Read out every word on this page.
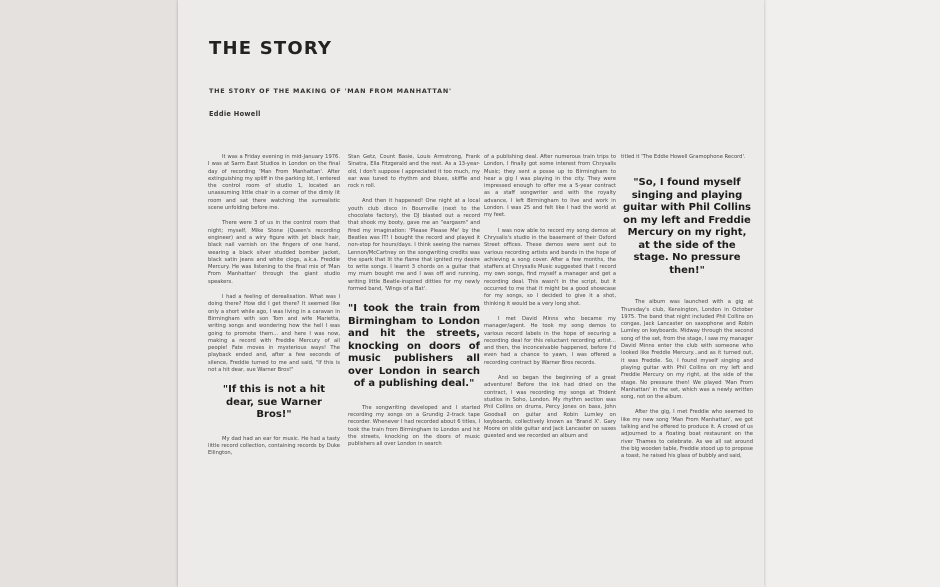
THE STORY
THE STORY OF THE MAKING OF 'MAN FROM MANHATTAN'
Eddie Howell

It was a Friday evening in mid-January 1976. I was at Sarm East Studios in London on the final day of recording 'Man From Manhattan'. After extinguishing my spliff in the parking lot, I entered the control room of studio 1, located an unassuming little chair in a corner of the dimly lit room and sat there watching the surrealistic scene unfolding before me.

There were 3 of us in the control room that night; myself, Mike Stone (Queen's recording engineer) and a wiry figure with jet black hair, black nail varnish on the fingers of one hand, wearing a black silver studded bomber jacket, black satin jeans and white clogs, a.k.a. Freddie Mercury. He was listening to the final mix of 'Man From Manhattan' through the giant studio speakers.

I had a feeling of derealisation. What was I doing there? How did I get there? It seemed like only a short while ago, I was living in a caravan in Birmingham with son Tom and wife Marietta, writing songs and wondering how the hell I was going to promote them... and here I was now, making a record with Freddie Mercury of all people! Fate moves in mysterious ways! The playback ended and, after a few seconds of silence, Freddie turned to me and said, "If this is not a hit dear, sue Warner Bros!"

"If this is not a hit dear, sue Warner Bros!"

My dad had an ear for music. He had a tasty little record collection, containing records by Duke Ellington,

Stan Getz, Count Basie, Louis Armstrong, Frank Sinatra, Ella Fitzgerald and the rest. As a 13-year-old, I don't suppose I appreciated it too much, my ear was tuned to rhythm and blues, skiffle and rock n roll.

And then it happened! One night at a local youth club disco in Bournville (next to the chocolate factory), the DJ blasted out a record that shook my booty, gave me an "eargasm" and fired my imagination: 'Please Please Me' by the Beatles was IT! I bought the record and played it non-stop for hours/days. I think seeing the names Lennon/McCartney on the songwriting credits was the spark that lit the flame that ignited my desire to write songs. I learnt 3 chords on a guitar that my mum bought me and I was off and running, writing little Beatle-inspired ditties for my newly formed band, 'Wings of a Bat'.

"I took the train from Birmingham to London and hit the streets, knocking on doors of music publishers all over London in search of a publishing deal."

The songwriting developed and I started recording my songs on a Grundig 2-track tape recorder. Whenever I had recorded about 6 titles, I took the train from Birmingham to London and hit the streets, knocking on the doors of music publishers all over London in search

of a publishing deal. After numerous train trips to London, I finally got some interest from Chrysalis Music; they sent a posse up to Birmingham to hear a gig I was playing in the city. They were impressed enough to offer me a 5-year contract as a staff songwriter and with the royalty advance, I left Birmingham to live and work in London. I was 25 and felt like I had the world at my feet.

I was now able to record my song demos at Chrysalis's studio in the basement of their Oxford Street offices. These demos were sent out to various recording artists and bands in the hope of achieving a song cover. After a few months, the staffers at Chrysalis Music suggested that I record my own songs, find myself a manager and get a recording deal. This wasn't in the script, but it occurred to me that it might be a good showcase for my songs, so I decided to give it a shot, thinking it would be a very long shot.

I met David Minns who became my manager/agent. He took my song demos to various record labels in the hope of securing a recording deal for this reluctant recording artist... and then, the inconceivable happened, before I'd even had a chance to yawn, I was offered a recording contract by Warner Bros records.

And so began the beginning of a great adventure! Before the ink had dried on the contract, I was recording my songs at Trident studios in Soho, London. My rhythm section was Phil Collins on drums, Percy Jones on bass, John Goodsall on guitar and Robin Lumley on keyboards, collectively known as 'Brand X'. Gary Moore on slide guitar and Jack Lancaster on saxes guested and we recorded an album and

titled it 'The Eddie Howell Gramophone Record'.

"So, I found myself singing and playing guitar with Phil Collins on my left and Freddie Mercury on my right, at the side of the stage. No pressure then!"

The album was launched with a gig at Thursday's club, Kensington, London in October 1975. The band that night included Phil Collins on congas, Jack Lancaster on saxophone and Robin Lumley on keyboards. Midway through the second song of the set, from the stage, I saw my manager David Minns enter the club with someone who looked like Freddie Mercury...and as it turned out, it was Freddie. So, I found myself singing and playing guitar with Phil Collins on my left and Freddie Mercury on my right, at the side of the stage. No pressure then! We played 'Man From Manhattan' in the set, which was a newly written song, not on the album.

After the gig, I met Freddie who seemed to like my new song 'Man From Manhattan', we got talking and he offered to produce it. A crowd of us adjourned to a floating boat restaurant on the river Thames to celebrate. As we all sat around the big wooden table, Freddie stood up to propose a toast, he raised his glass of bubbly and said,
